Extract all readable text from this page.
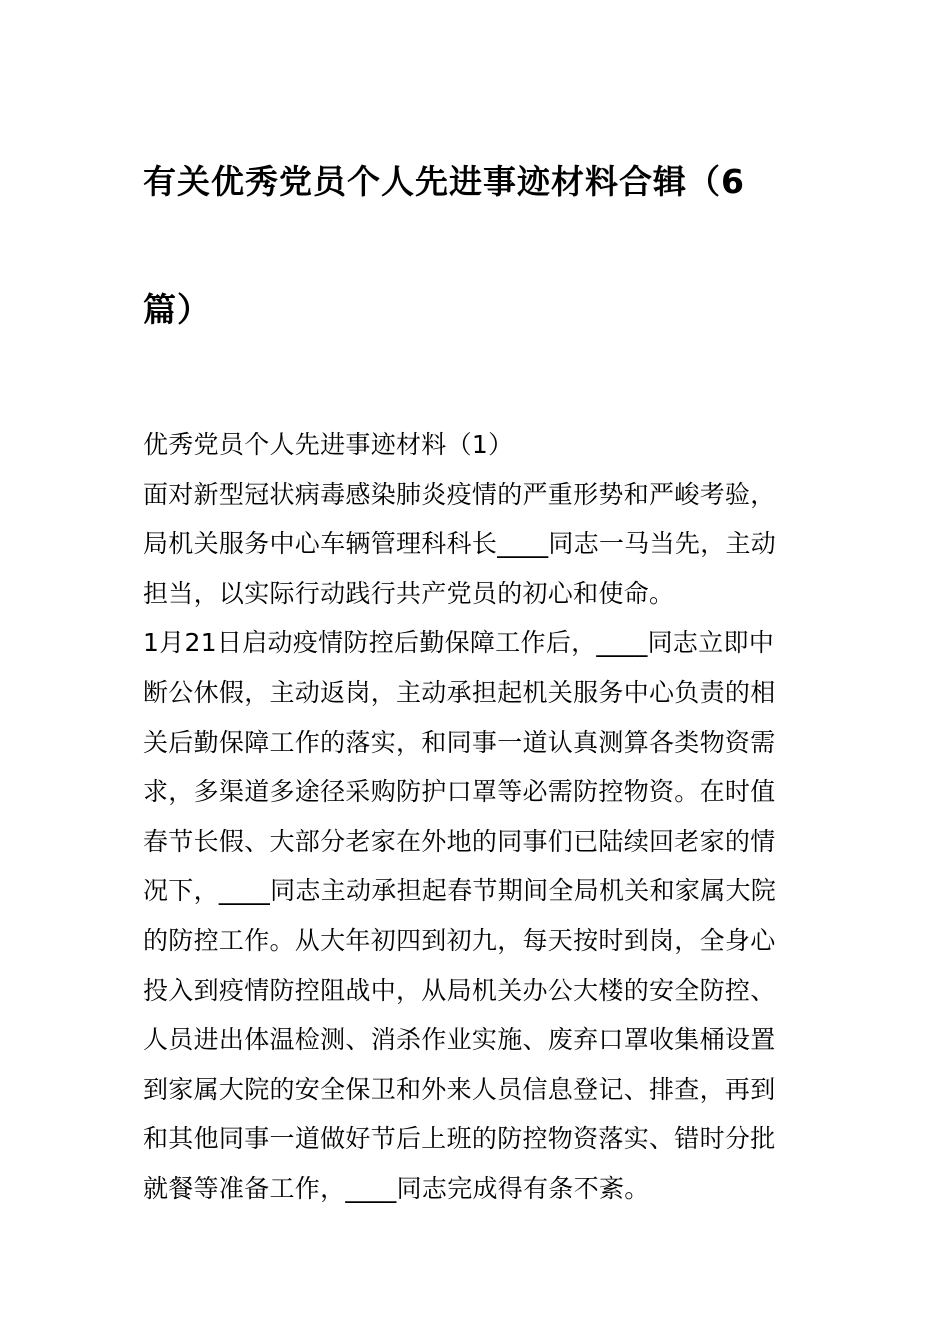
有关优秀党员个人先进事迹材料合辑（6
篇）
优秀党员个人先进事迹材料（1）
面对新型冠状病毒感染肺炎疫情的严重形势和严峻考验，
局机关服务中心车辆管理科科长____同志一马当先，主动
担当，以实际行动践行共产党员的初心和使命。
1月21日启动疫情防控后勤保障工作后，____同志立即中
断公休假，主动返岗，主动承担起机关服务中心负责的相
关后勤保障工作的落实，和同事一道认真测算各类物资需
求，多渠道多途径采购防护口罩等必需防控物资。在时值
春节长假、大部分老家在外地的同事们已陆续回老家的情
况下，____同志主动承担起春节期间全局机关和家属大院
的防控工作。从大年初四到初九，每天按时到岗，全身心
投入到疫情防控阻战中，从局机关办公大楼的安全防控、
人员进出体温检测、消杀作业实施、废弃口罩收集桶设置
到家属大院的安全保卫和外来人员信息登记、排查，再到
和其他同事一道做好节后上班的防控物资落实、错时分批
就餐等准备工作，____同志完成得有条不紊。
